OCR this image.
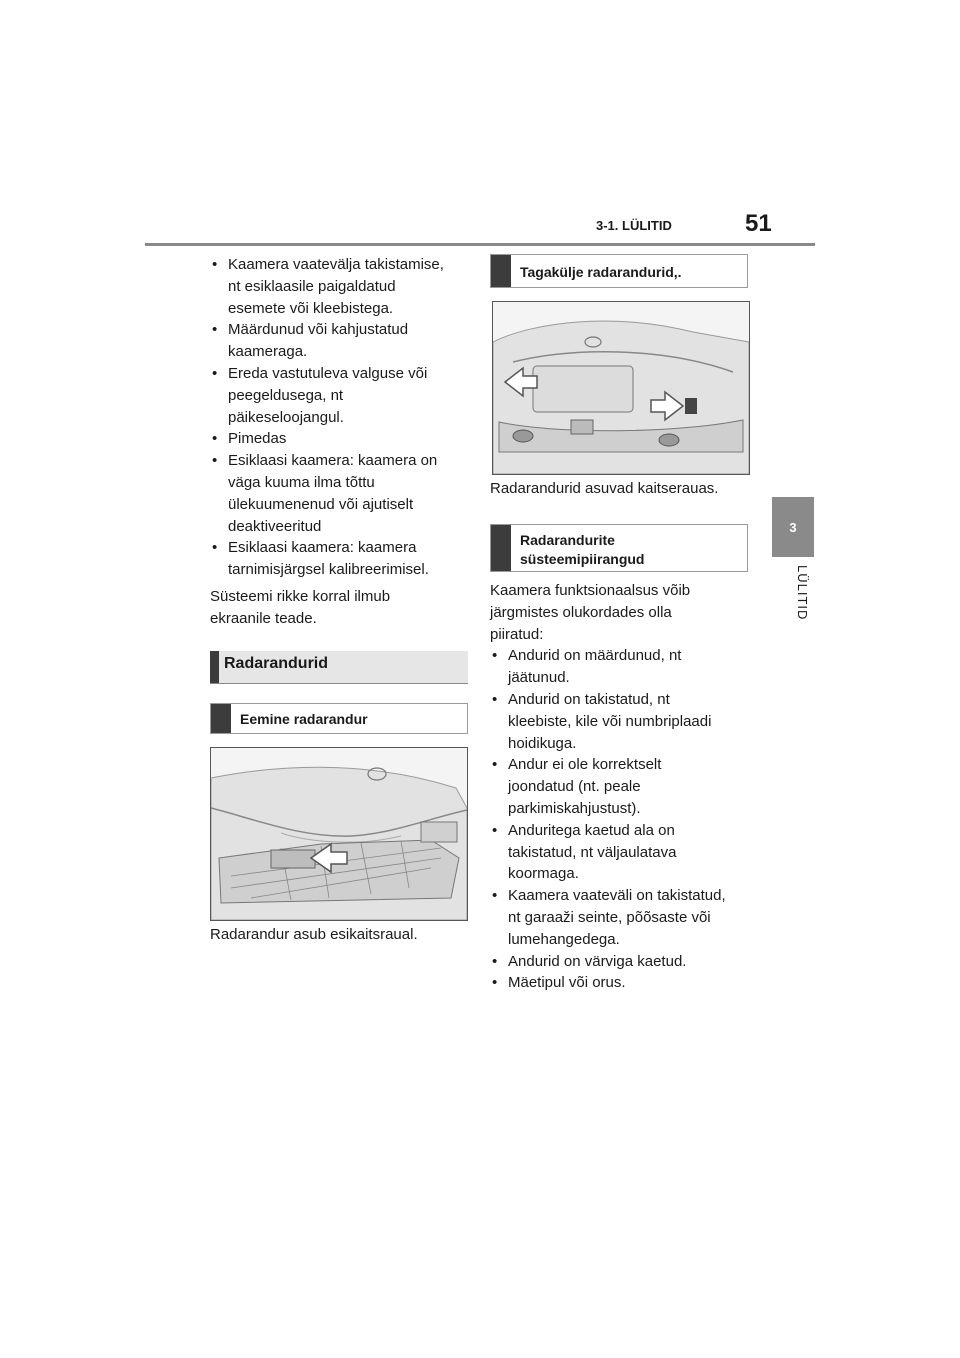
3-1. LÜLITID	51
3
LÜLITID
• Kaamera vaatevälja takistamise,
nt esiklaasile paigaldatud
esemete või kleebistega.
• Määrdunud või kahjustatud
kaameraga.
• Ereda vastutuleva valguse või
peegeldusega, nt
päikeseloojangul.
• Pimedas
• Esiklaasi kaamera: kaamera on
väga kuuma ilma tõttu
ülekuumenenud või ajutiselt
deaktiveeritud
• Esiklaasi kaamera: kaamera
tarnimisjärgsel kalibreerimisel.

Süsteemi rikke korral ilmub

ekraanile teade.

Radarandurid
Eemine radarandur
Radarandur asub esikaitsraual.
Tagakülje radarandurid,.
Radarandurid asuvad kaitserauas.
Radarandurite
süsteemipiirangud

Kaamera funktsionaalsus võib

järgmistes olukordades olla

piiratud:

• Andurid on määrdunud, nt
jäätunud.
• Andurid on takistatud, nt
kleebiste, kile või numbriplaadi
hoidikuga.
• Andur ei ole korrektselt
joondatud (nt. peale
parkimiskahjustust).
• Anduritega kaetud ala on
takistatud, nt väljaulatava
koormaga.
• Kaamera vaateväli on takistatud,
nt garaaži seinte, põõsaste või
lumehangedega.
• Andurid on värviga kaetud.
• Mäetipul või orus.
